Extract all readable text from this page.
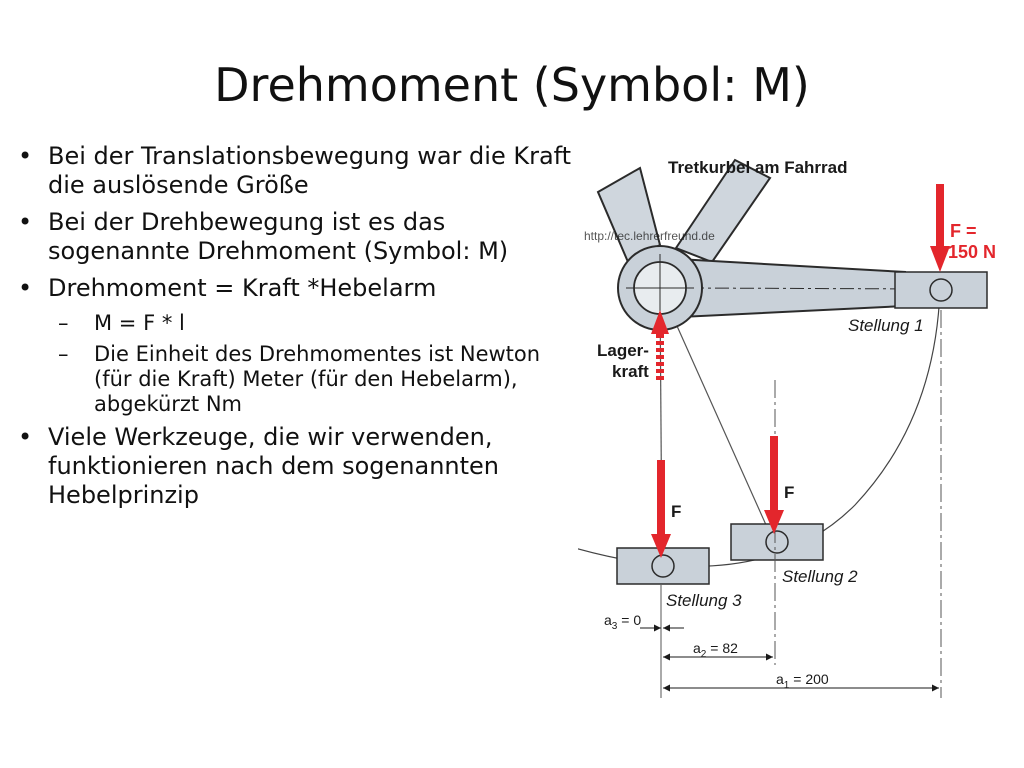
Drehmoment (Symbol: M)

• Bei der Translationsbewegung war die Kraft die auslösende Größe

• Bei der Drehbewegung ist es das sogenannte Drehmoment (Symbol: M)

• Drehmoment = Kraft *Hebelarm

– M = F * l

– Die Einheit des Drehmomentes ist Newton (für die Kraft) Meter (für den Hebelarm), abgekürzt Nm

• Viele Werkzeuge, die wir verwenden, funktionieren nach dem sogenannten Hebelprinzip

http://tec.lehrerfreund.de
Tretkurbel am Fahrrad
F =
150 N
Lager-
kraft
F
F
Stellung 1
Stellung 2
Stellung 3
$a_3 = 0$
$a_2 = 82$
$a_1 = 200$
